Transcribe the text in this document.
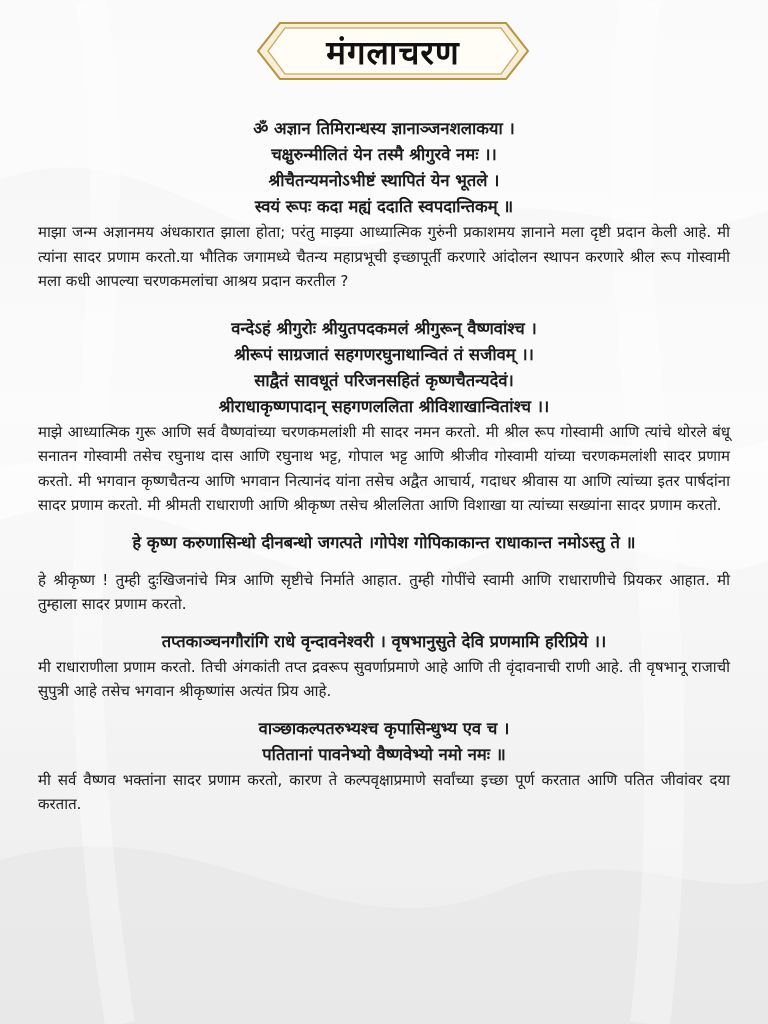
मंगलाचरण
ॐ अज्ञान तिमिरान्धस्य ज्ञानाञ्जनशलाकया ।
चक्षुरुन्मीलितं येन तस्मै श्रीगुरवे नमः ।।
श्रीचैतन्यमनोऽभीष्टं स्थापितं येन भूतले ।
स्वयं रूपः कदा मह्यं ददाति स्वपदान्तिकम् ॥
माझा जन्म अज्ञानमय अंधकारात झाला होता; परंतु माझ्या आध्यात्मिक गुरुंनी प्रकाशमय ज्ञानाने मला दृष्टी प्रदान केली आहे. मी त्यांना सादर प्रणाम करतो.या भौतिक जगामध्ये चैतन्य महाप्रभूची इच्छापूर्ती करणारे आंदोलन स्थापन करणारे श्रील रूप गोस्वामी मला कधी आपल्या चरणकमलांचा आश्रय प्रदान करतील ?
वन्देऽहं श्रीगुरोः श्रीयुतपदकमलं श्रीगुरून् वैष्णवांश्च ।
श्रीरूपं साग्रजातं सहगणरघुनाथान्वितं तं सजीवम् ।।
साद्वैतं सावधूतं परिजनसहितं कृष्णचैतन्यदेवं।
श्रीराधाकृष्णपादान् सहगणललिता श्रीविशाखान्वितांश्च ।।
माझे आध्यात्मिक गुरू आणि सर्व वैष्णवांच्या चरणकमलांशी मी सादर नमन करतो. मी श्रील रूप गोस्वामी आणि त्यांचे थोरले बंधू सनातन गोस्वामी तसेच रघुनाथ दास आणि रघुनाथ भट्ट, गोपाल भट्ट आणि श्रीजीव गोस्वामी यांच्या चरणकमलांशी सादर प्रणाम करतो. मी भगवान कृष्णचैतन्य आणि भगवान नित्यानंद यांना तसेच अद्वैत आचार्य, गदाधर श्रीवास या आणि त्यांच्या इतर पार्षदांना सादर प्रणाम करतो. मी श्रीमती राधाराणी आणि श्रीकृष्ण तसेच श्रीललिता आणि विशाखा या त्यांच्या सख्यांना सादर प्रणाम करतो.
हे कृष्ण करुणासिन्धो दीनबन्धो जगत्पते ।गोपेश गोपिकाकान्त राधाकान्त नमोऽस्तु ते ॥
हे श्रीकृष्ण ! तुम्ही दुःखिजनांचे मित्र आणि सृष्टीचे निर्माते आहात. तुम्ही गोपींचे स्वामी आणि राधाराणीचे प्रियकर आहात. मी तुम्हाला सादर प्रणाम करतो.
तप्तकाञ्चनगौरांगि राधे वृन्दावनेश्वरी । वृषभानुसुते देवि प्रणमामि हरिप्रिये ।।
मी राधाराणीला प्रणाम करतो. तिची अंगकांती तप्त द्रवरूप सुवर्णाप्रमाणे आहे आणि ती वृंदावनाची राणी आहे. ती वृषभानू राजाची सुपुत्री आहे तसेच भगवान श्रीकृष्णांस अत्यंत प्रिय आहे.
वाञ्छाकल्पतरुभ्यश्च कृपासिन्धुभ्य एव च ।
पतितानां पावनेभ्यो वैष्णवेभ्यो नमो नमः ॥
मी सर्व वैष्णव भक्तांना सादर प्रणाम करतो, कारण ते कल्पवृक्षाप्रमाणे सर्वांच्या इच्छा पूर्ण करतात आणि पतित जीवांवर दया करतात.
